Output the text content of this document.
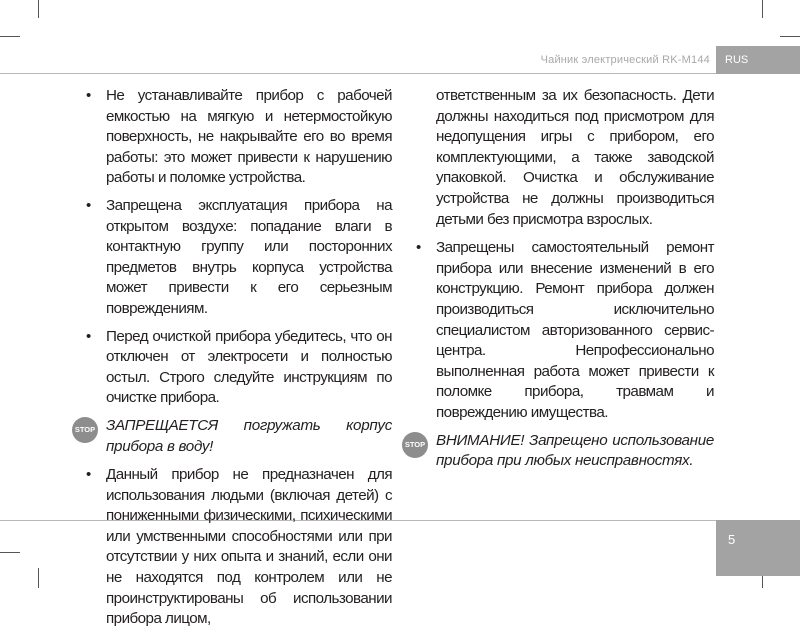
Чайник электрический RK-M144	RUS
5
• Не устанавливайте прибор с рабочей емкостью на мягкую и нетермостойкую поверхность, не накрывайте его во время работы: это может привести к нарушению работы и поломке устройства.
• Запрещена эксплуатация прибора на открытом воздухе: попадание влаги в контактную группу или посторонних предметов внутрь корпуса устройства может привести к его серьезным повреждениям.
• Перед очисткой прибора убедитесь, что он отключен от электросети и полностью остыл. Строго следуйте инструкциям по очистке прибора.
STOP ЗАПРЕЩАЕТСЯ погружать корпус прибора в воду!
• Данный прибор не предназначен для использования людьми (включая детей) с пониженными физическими, психическими или умственными способностями или при отсутствии у них опыта и знаний, если они не находятся под контролем или не проинструктированы об использовании прибора лицом,
ответственным за их безопасность. Дети должны находиться под присмотром для недопущения игры с прибором, его комплектующими, а также заводской упаковкой. Очистка и обслуживание устройства не должны производиться детьми без присмотра взрослых.
• Запрещены самостоятельный ремонт прибора или внесение изменений в его конструкцию. Ремонт прибора должен производиться исключительно специалистом авторизованного сервис-центра. Непрофессионально выполненная работа может привести к поломке прибора, травмам и повреждению имущества.
STOP ВНИМАНИЕ! Запрещено использование прибора при любых неисправностях.
